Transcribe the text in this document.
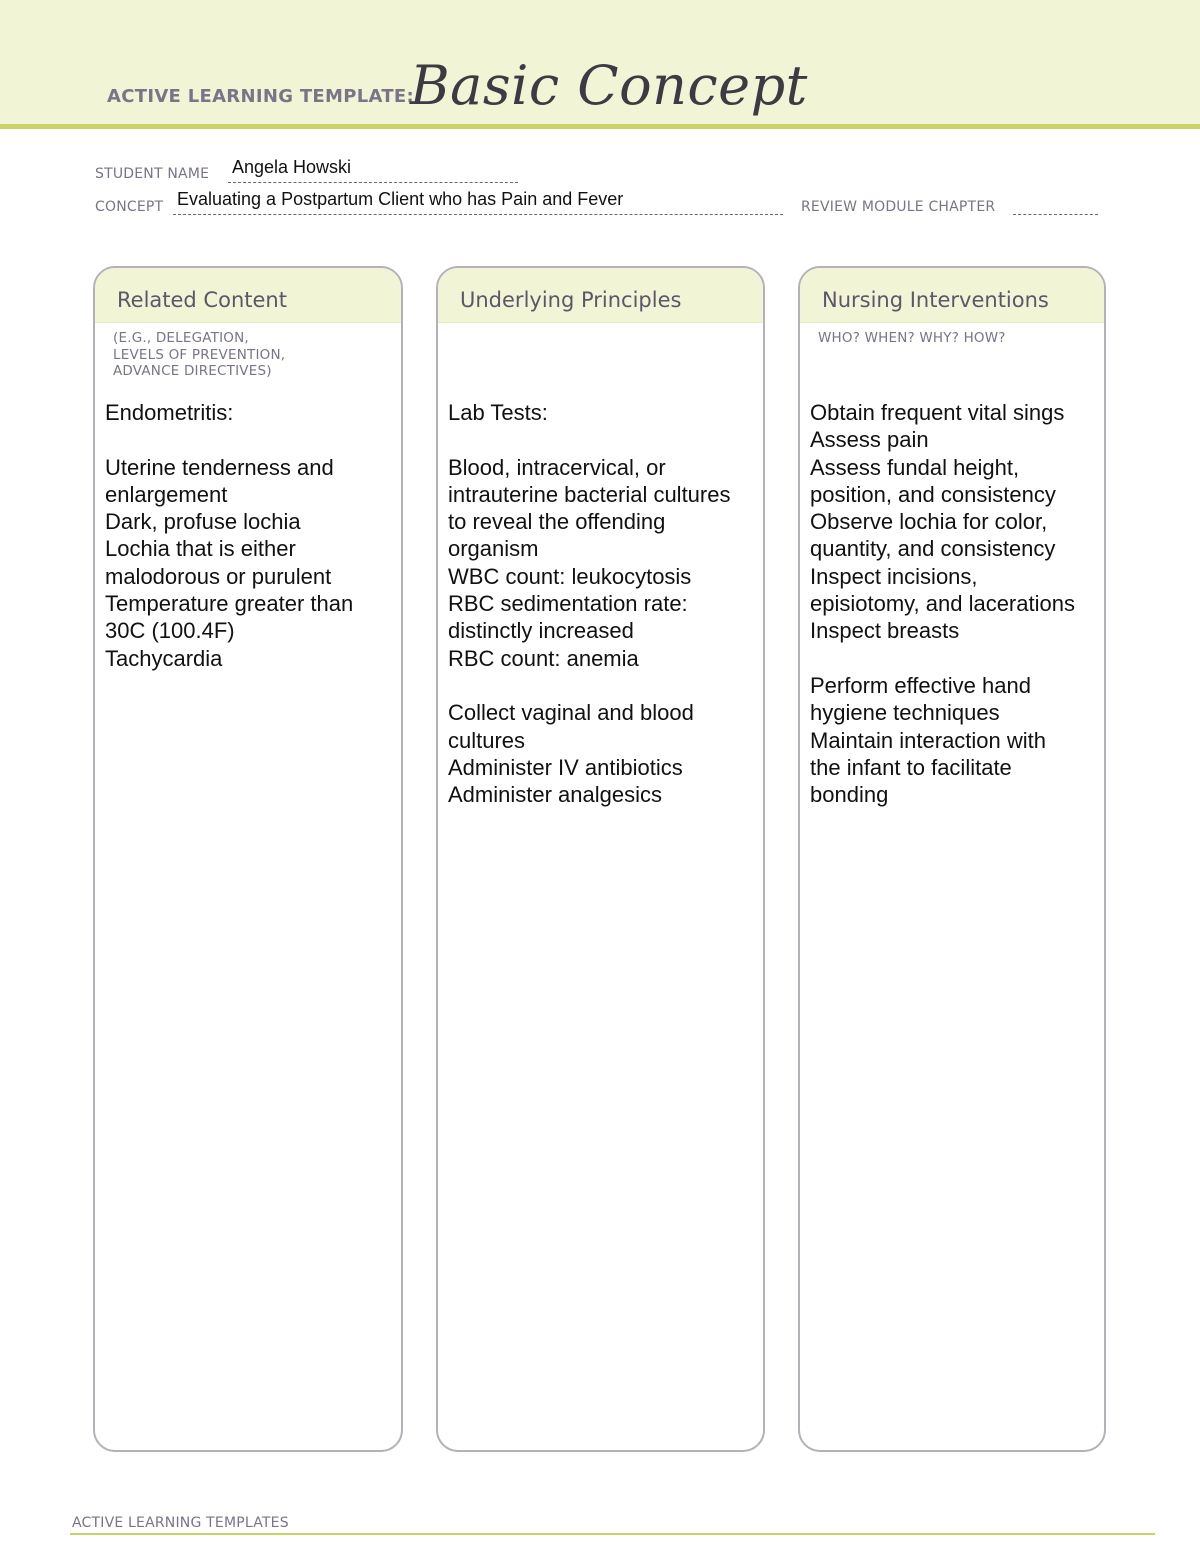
ACTIVE LEARNING TEMPLATE:
Basic Concept
STUDENT NAME Angela Howski
CONCEPT Evaluating a Postpartum Client who has Pain and Fever	REVIEW MODULE CHAPTER
Related Content
(E.G., DELEGATION,
LEVELS OF PREVENTION,
ADVANCE DIRECTIVES)
Endometritis:
Uterine tenderness and
enlargement
Dark, profuse lochia
Lochia that is either
malodorous or purulent
Temperature greater than
30C (100.4F)
Tachycardia
Underlying Principles
Lab Tests:
Blood, intracervical, or
intrauterine bacterial cultures
to reveal the offending
organism
WBC count: leukocytosis
RBC sedimentation rate:
distinctly increased
RBC count: anemia
Collect vaginal and blood
cultures
Administer IV antibiotics
Administer analgesics
Nursing Interventions
WHO? WHEN? WHY? HOW?
Obtain frequent vital sings
Assess pain
Assess fundal height,
position, and consistency
Observe lochia for color,
quantity, and consistency
Inspect incisions,
episiotomy, and lacerations
Inspect breasts
Perform effective hand
hygiene techniques
Maintain interaction with
the infant to facilitate
bonding
ACTIVE LEARNING TEMPLATES
